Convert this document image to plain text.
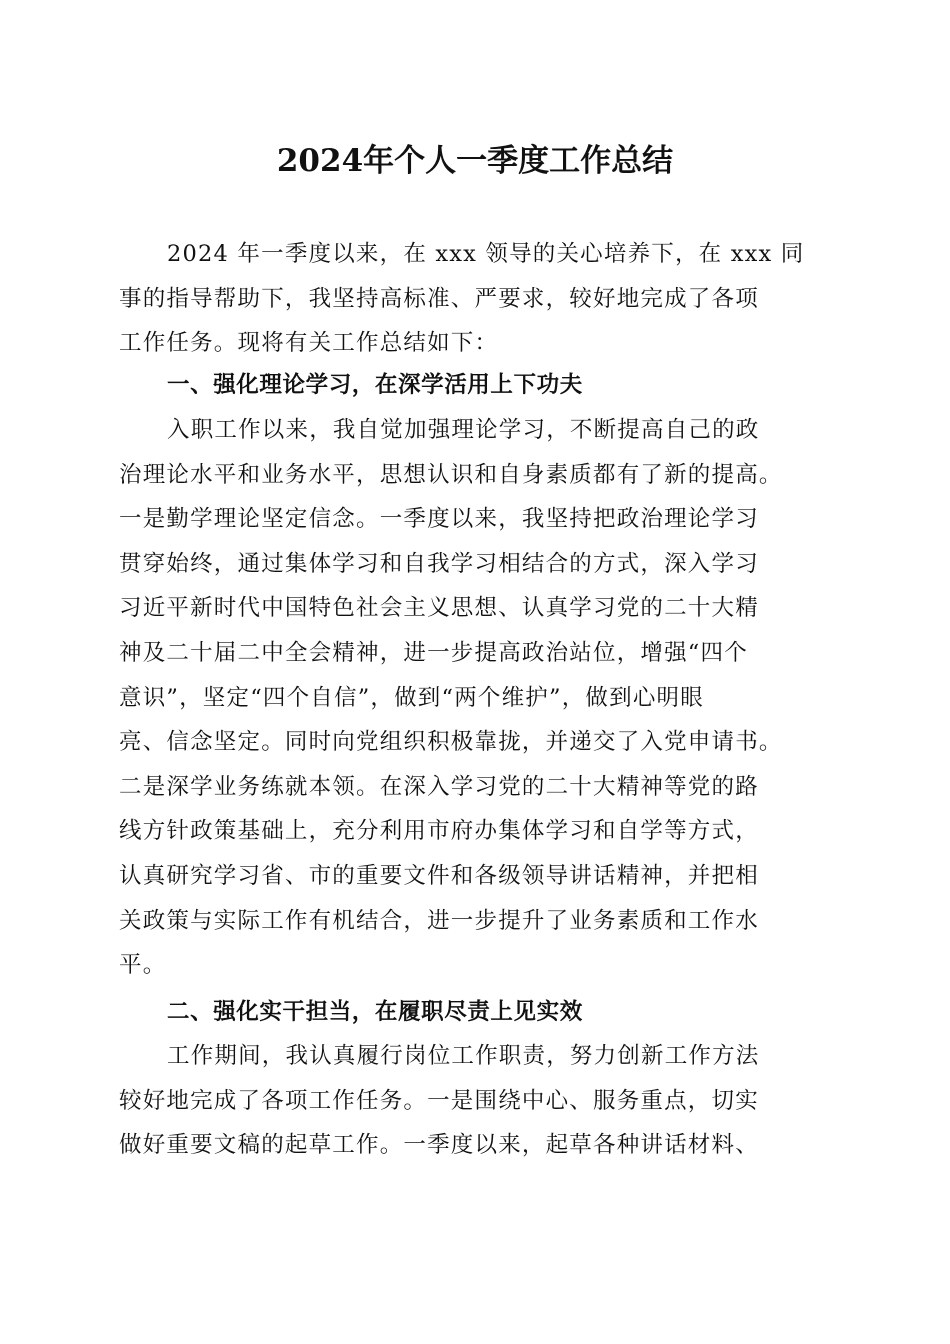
2024年个人一季度工作总结
2024 年一季度以来，在 xxx 领导的关心培养下，在 xxx 同
事的指导帮助下，我坚持高标准、严要求，较好地完成了各项
工作任务。现将有关工作总结如下：
一、强化理论学习，在深学活用上下功夫
入职工作以来，我自觉加强理论学习，不断提高自己的政
治理论水平和业务水平，思想认识和自身素质都有了新的提高。
一是勤学理论坚定信念。一季度以来，我坚持把政治理论学习
贯穿始终，通过集体学习和自我学习相结合的方式，深入学习
习近平新时代中国特色社会主义思想、认真学习党的二十大精
神及二十届二中全会精神，进一步提高政治站位，增强“四个
意识”，坚定“四个自信”，做到“两个维护”，做到心明眼
亮、信念坚定。同时向党组织积极靠拢，并递交了入党申请书。
二是深学业务练就本领。在深入学习党的二十大精神等党的路
线方针政策基础上，充分利用市府办集体学习和自学等方式，
认真研究学习省、市的重要文件和各级领导讲话精神，并把相
关政策与实际工作有机结合，进一步提升了业务素质和工作水
平。
二、强化实干担当，在履职尽责上见实效
工作期间，我认真履行岗位工作职责，努力创新工作方法
较好地完成了各项工作任务。一是围绕中心、服务重点，切实
做好重要文稿的起草工作。一季度以来，起草各种讲话材料、
